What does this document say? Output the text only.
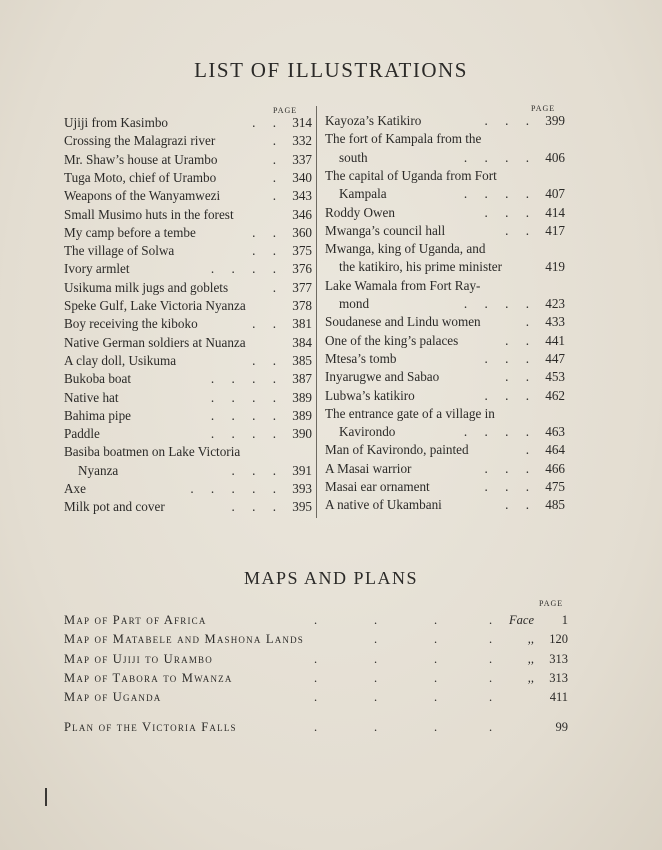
LIST OF ILLUSTRATIONS
PAGE	PAGE
Ujiji from Kasimbo	. . 314
Crossing the Malagrazi river	. 332
Mr. Shaw’s house at Urambo	. 337
Tuga Moto, chief of Urambo	. 340
Weapons of the Wanyamwezi	. 343
Small Musimo huts in the forest	346
My camp before a tembe	. . 360
The village of Solwa	. . 375
Ivory armlet	. . . . 376
Usikuma milk jugs and goblets	. 377
Speke Gulf, Lake Victoria Nyanza	378
Boy receiving the kiboko	. . 381
Native German soldiers at Nuanza	384
A clay doll, Usikuma	. . 385
Bukoba boat	. . . . 387
Native hat	. . . . 389
Bahima pipe	. . . . 389
Paddle	. . . . 390
Basiba boatmen on Lake Victoria
Nyanza	. . . 391
Axe	. . . . . 393
Milk pot and cover	. . . 395
Kayoza’s Katikiro	. . . 399
The fort of Kampala from the
south	. . . . 406
The capital of Uganda from Fort
Kampala	. . . . 407
Roddy Owen	. . . 414
Mwanga’s council hall	. . 417
Mwanga, king of Uganda, and
the katikiro, his prime minister	419
Lake Wamala from Fort Ray-
mond	. . . . 423
Soudanese and Lindu women	. 433
One of the king’s palaces	. . 441
Mtesa’s tomb	. . . 447
Inyarugwe and Sabao	. . 453
Lubwa’s katikiro	. . . 462
The entrance gate of a village in
Kavirondo	. . . . 463
Man of Kavirondo, painted	. 464
A Masai warrior	. . . 466
Masai ear ornament	. . . 475
A native of Ukambani	. . 485
MAPS AND PLANS
PAGE
Map of Part of Africa	.	.	.	. Face 1
Map of Matabele and Mashona Lands	.	.	.	,, 120
Map of Ujiji to Urambo	.	.	.	.	,, 313
Map of Tabora to Mwanza	.	.	.	.	,, 313
Map of Uganda	.	.	.	.	411
Plan of the Victoria Falls	.	.	.	.	99
